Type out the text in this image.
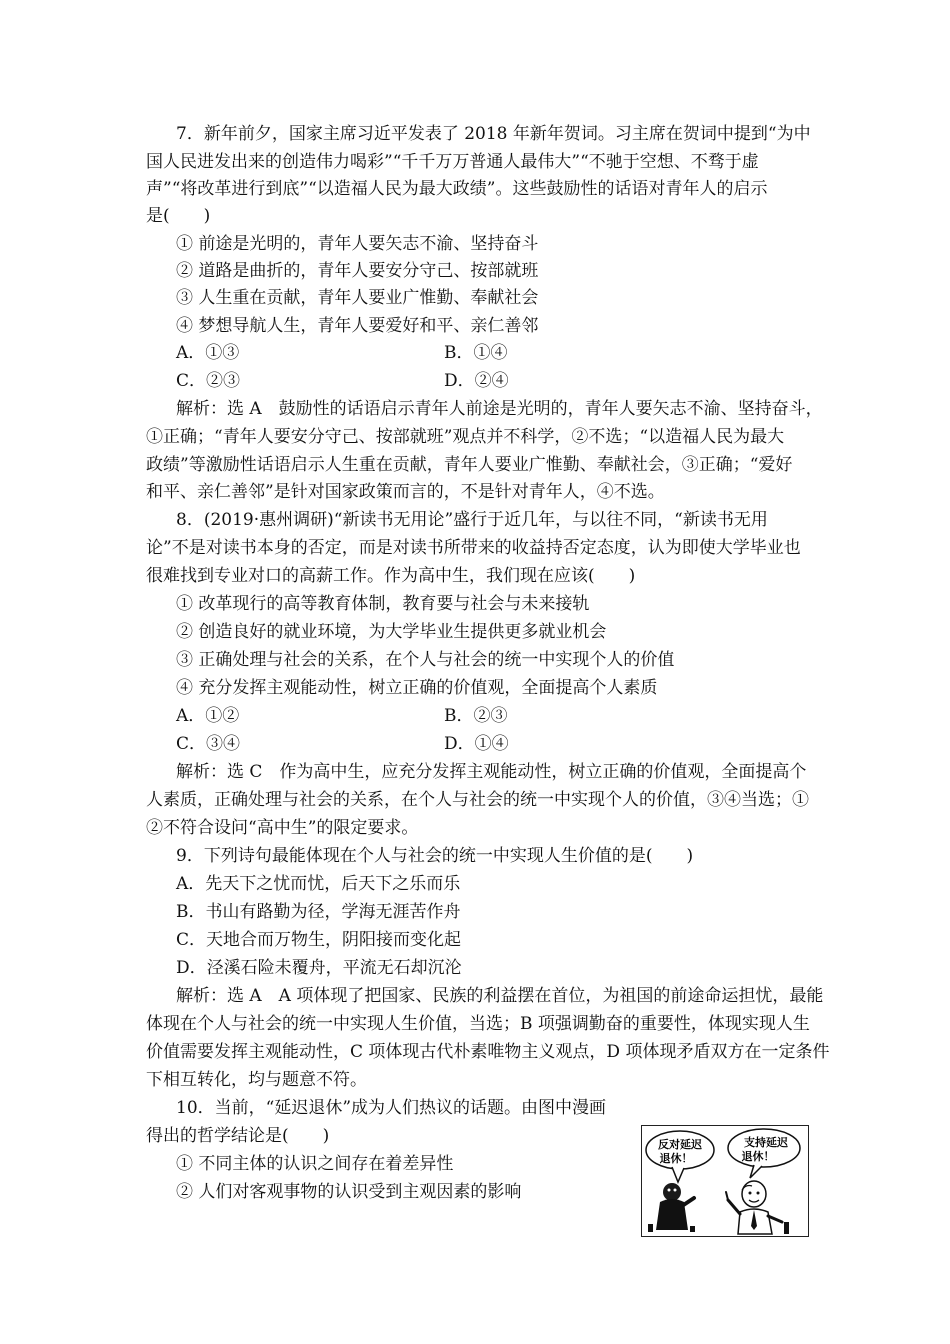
7．新年前夕，国家主席习近平发表了 2018 年新年贺词。习主席在贺词中提到“为中
国人民进发出来的创造伟力喝彩”“千千万万普通人最伟大”“不驰于空想、不骛于虚
声”“将改革进行到底”“以造福人民为最大政绩”。这些鼓励性的话语对青年人的启示
是(　　)
① 前途是光明的，青年人要矢志不渝、坚持奋斗
② 道路是曲折的，青年人要安分守己、按部就班
③ 人生重在贡献，青年人要业广惟勤、奉献社会
④ 梦想导航人生，青年人要爱好和平、亲仁善邻
A．①③	B．①④
C．②③	D．②④
解析：选 A　鼓励性的话语启示青年人前途是光明的，青年人要矢志不渝、坚持奋斗，
①正确；“青年人要安分守己、按部就班”观点并不科学，②不选；“以造福人民为最大
政绩”等激励性话语启示人生重在贡献，青年人要业广惟勤、奉献社会，③正确；“爱好
和平、亲仁善邻”是针对国家政策而言的，不是针对青年人，④不选。
8．(2019·惠州调研)“新读书无用论”盛行于近几年，与以往不同，“新读书无用
论”不是对读书本身的否定，而是对读书所带来的收益持否定态度，认为即使大学毕业也
很难找到专业对口的高薪工作。作为高中生，我们现在应该(　　)
① 改革现行的高等教育体制，教育要与社会与未来接轨
② 创造良好的就业环境，为大学毕业生提供更多就业机会
③ 正确处理与社会的关系，在个人与社会的统一中实现个人的价值
④ 充分发挥主观能动性，树立正确的价值观，全面提高个人素质
A．①②	B．②③
C．③④	D．①④
解析：选 C　作为高中生，应充分发挥主观能动性，树立正确的价值观，全面提高个
人素质，正确处理与社会的关系，在个人与社会的统一中实现个人的价值，③④当选；①
②不符合设问“高中生”的限定要求。
9．下列诗句最能体现在个人与社会的统一中实现人生价值的是(　　)
A．先天下之忧而忧，后天下之乐而乐
B．书山有路勤为径，学海无涯苦作舟
C．天地合而万物生，阴阳接而变化起
D．泾溪石险未覆舟，平流无石却沉沦
解析：选 A　A 项体现了把国家、民族的利益摆在首位，为祖国的前途命运担忧，最能
体现在个人与社会的统一中实现人生价值，当选；B 项强调勤奋的重要性，体现实现人生
价值需要发挥主观能动性，C 项体现古代朴素唯物主义观点，D 项体现矛盾双方在一定条件
下相互转化，均与题意不符。
10．当前，“延迟退休”成为人们热议的话题。由图中漫画
得出的哲学结论是(　　)
① 不同主体的认识之间存在着差异性
② 人们对客观事物的认识受到主观因素的影响
反对延迟
退休！
支持延迟
退休！
